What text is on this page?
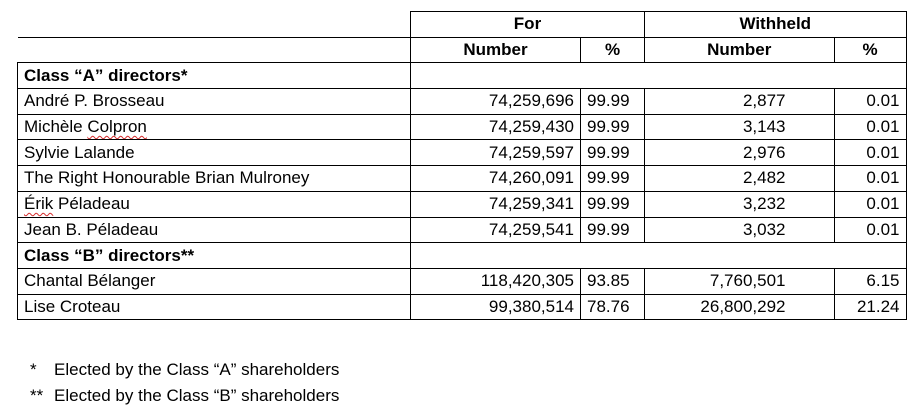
	For		Withheld		
	Number	%	Number		%
Class “A” directors*					
André P. Brosseau	74,259,696	99.99		2,877	0.01
Michèle Colpron	74,259,430	99.99		3,143	0.01
Sylvie Lalande	74,259,597	99.99		2,976	0.01
The Right Honourable Brian Mulroney	74,260,091	99.99		2,482	0.01
Érik Péladeau	74,259,341	99.99		3,232	0.01
Jean B. Péladeau	74,259,541	99.99		3,032	0.01
Class “B” directors**					
Chantal Bélanger	118,420,305	93.85		7,760,501	6.15
Lise Croteau	99,380,514	78.76		26,800,292	21.24
* Elected by the Class “A” shareholders
** Elected by the Class “B” shareholders
